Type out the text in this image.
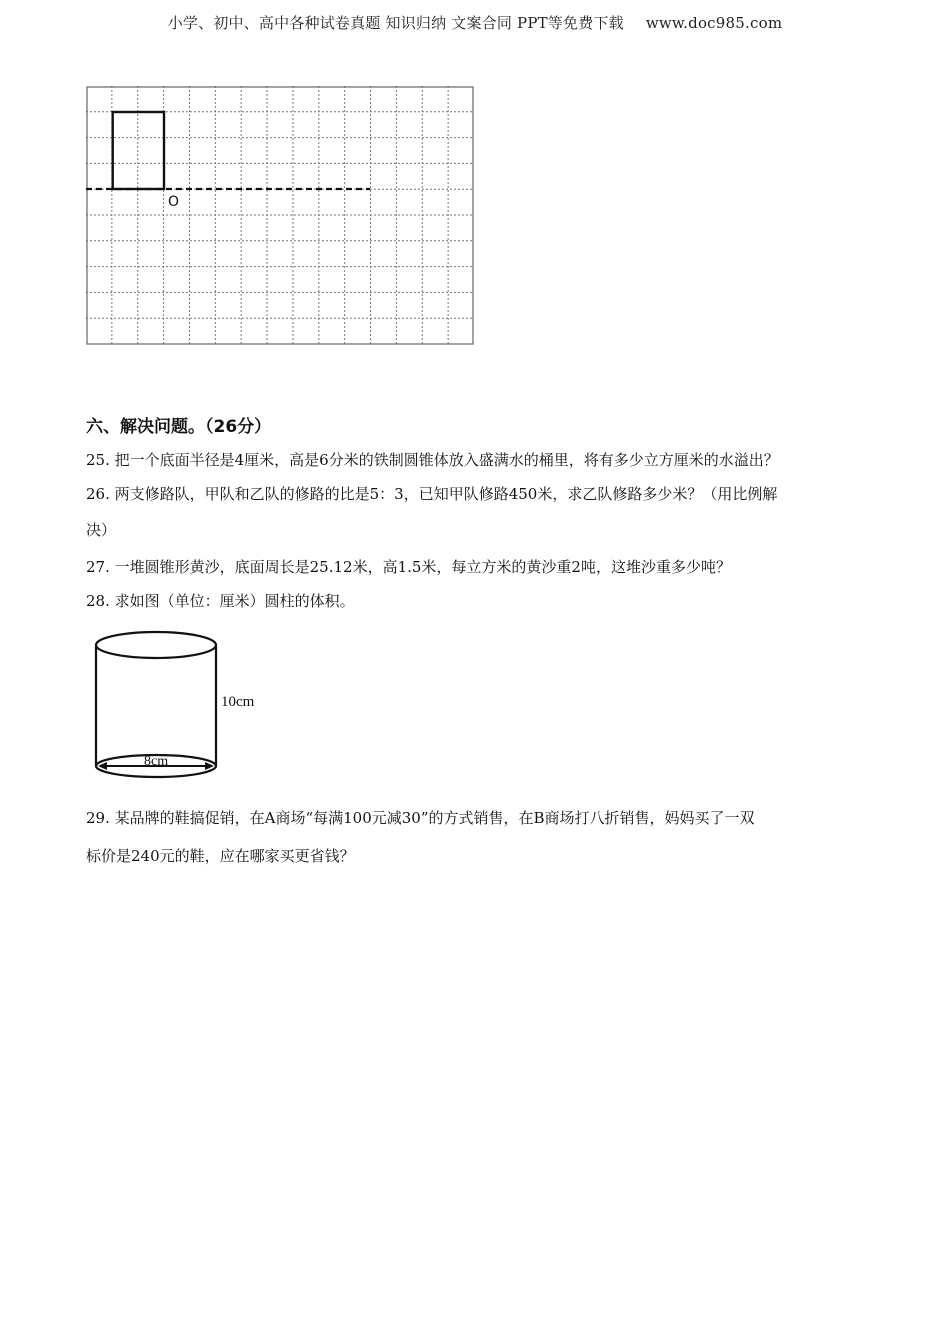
小学、初中、高中各种试卷真题 知识归纳 文案合同 PPT等免费下载 www.doc985.com
O
六、解决问题。（26分）
25. 把一个底面半径是4厘米，高是6分米的铁制圆锥体放入盛满水的桶里，将有多少立方厘米的水溢出？
26. 两支修路队，甲队和乙队的修路的比是5：3，已知甲队修路450米，求乙队修路多少米？（用比例解
决）
27. 一堆圆锥形黄沙，底面周长是25.12米，高1.5米，每立方米的黄沙重2吨，这堆沙重多少吨？
28. 求如图（单位：厘米）圆柱的体积。
10cm
8cm
29. 某品牌的鞋搞促销，在A商场“每满100元减30”的方式销售，在B商场打八折销售，妈妈买了一双
标价是240元的鞋，应在哪家买更省钱？
